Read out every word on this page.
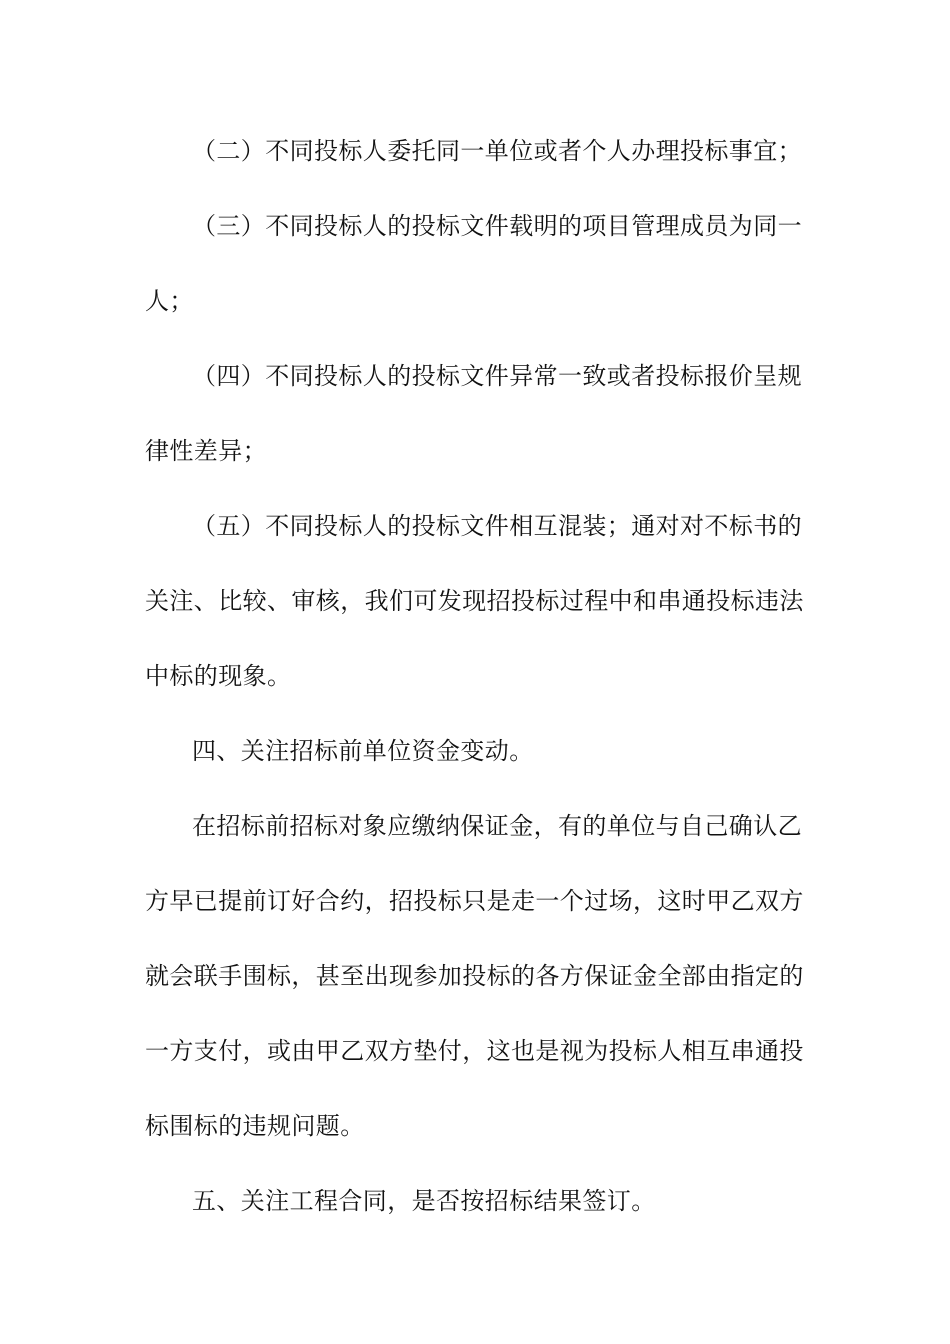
（二）不同投标人委托同一单位或者个人办理投标事宜；
（三）不同投标人的投标文件载明的项目管理成员为同一
人；
（四）不同投标人的投标文件异常一致或者投标报价呈规
律性差异；
（五）不同投标人的投标文件相互混装；通对对不标书的
关注、比较、审核，我们可发现招投标过程中和串通投标违法
中标的现象。
四、关注招标前单位资金变动。
在招标前招标对象应缴纳保证金，有的单位与自己确认乙
方早已提前订好合约，招投标只是走一个过场，这时甲乙双方
就会联手围标，甚至出现参加投标的各方保证金全部由指定的
一方支付，或由甲乙双方垫付，这也是视为投标人相互串通投
标围标的违规问题。
五、关注工程合同，是否按招标结果签订。
